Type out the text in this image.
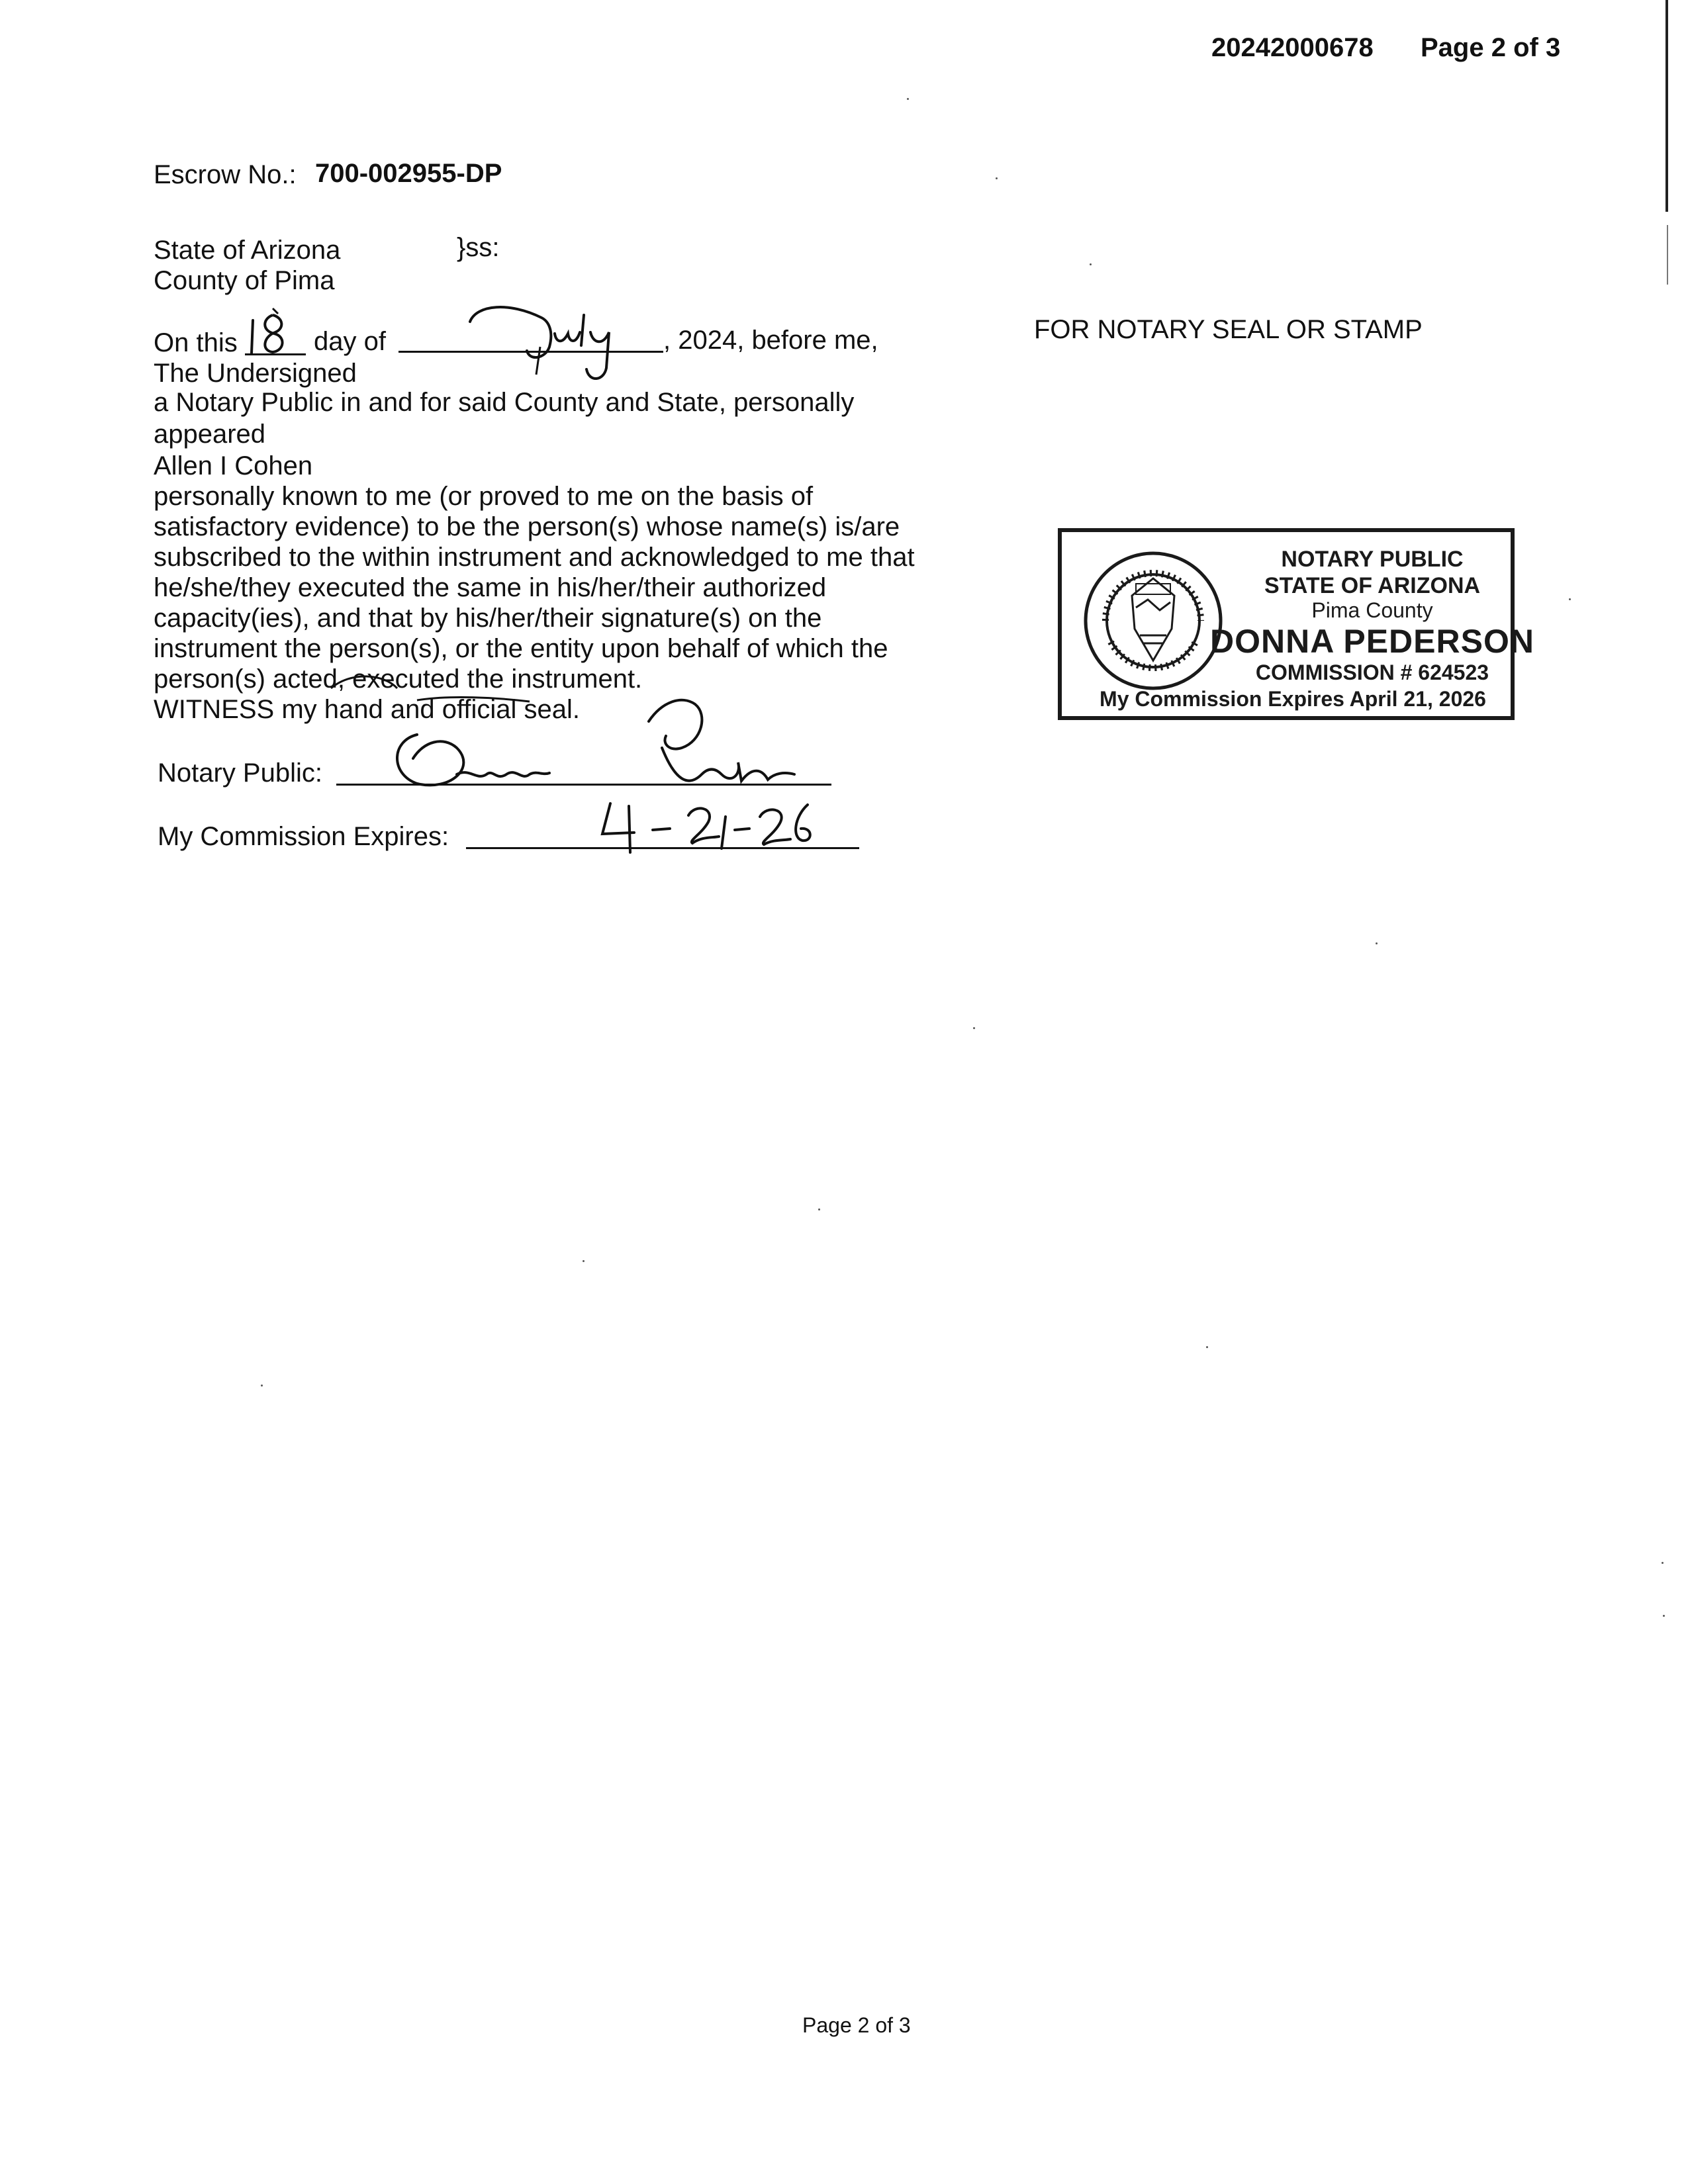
20242000678 Page 2 of 3
Escrow No.: 700-002955-DP
State of Arizona	}ss:
County of Pima
On this	day of	, 2024, before me,
The Undersigned
a Notary Public in and for said County and State, personally
appeared
Allen I Cohen
personally known to me (or proved to me on the basis of
satisfactory evidence) to be the person(s) whose name(s) is/are
subscribed to the within instrument and acknowledged to me that
he/she/they executed the same in his/her/their authorized
capacity(ies), and that by his/her/their signature(s) on the
instrument the person(s), or the entity upon behalf of which the
person(s) acted, executed the instrument.
WITNESS my hand and official seal.
Notary Public:
My Commission Expires:
FOR NOTARY SEAL OR STAMP
NOTARY PUBLIC
STATE OF ARIZONA
Pima County
DONNA PEDERSON
COMMISSION # 624523
My Commission Expires April 21, 2026
Page 2 of 3
